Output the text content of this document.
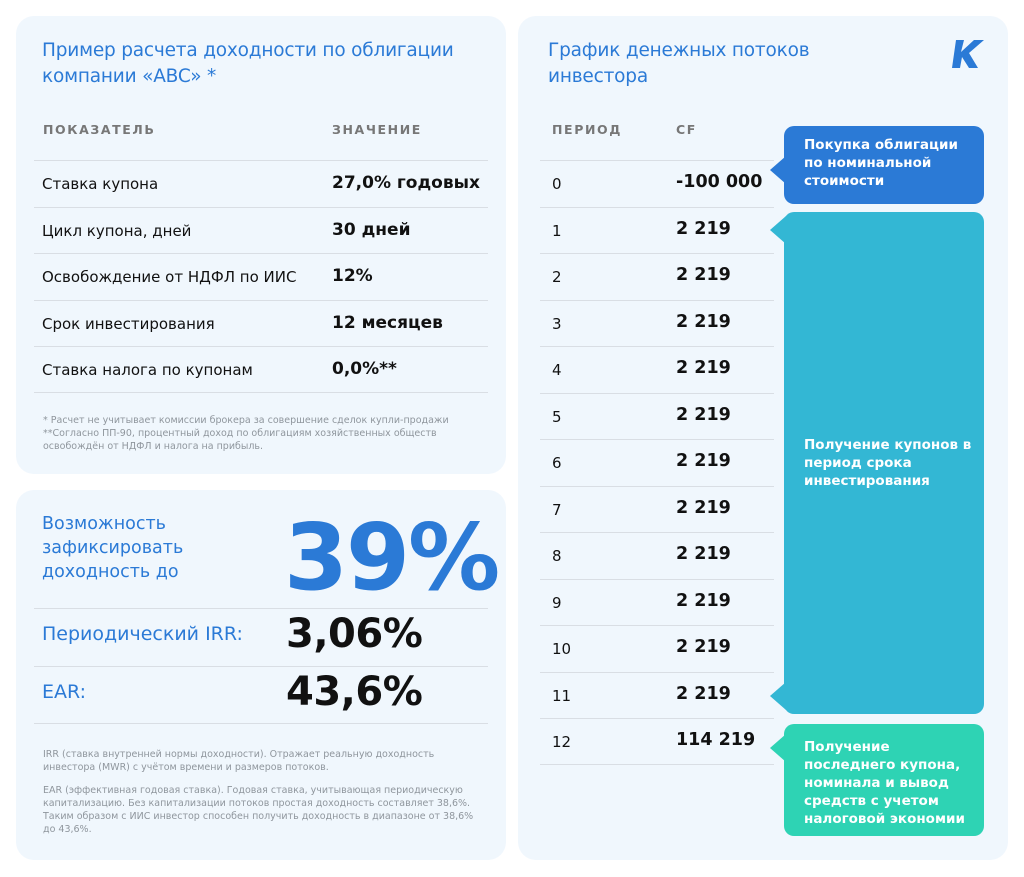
Пример расчета доходности по облигации компании «ABC» *
ПОКАЗАТЕЛЬ	ЗНАЧЕНИЕ
Ставка купона	27,0% годовых
Цикл купона, дней	30 дней
Освобождение от НДФЛ по ИИС 12%
Срок инвестирования	12 месяцев
Ставка налога по купонам	0,0%**
* Расчет не учитывает комиссии брокера за совершение сделок купли-продажи
**Согласно ПП-90, процентный доход по облигациям хозяйственных обществ освобождён от НДФЛ и налога на прибыль.
Возможность зафиксировать доходность до	39%
Периодический IRR: 3,06%
EAR:	43,6%
IRR (ставка внутренней нормы доходности). Отражает реальную доходность инвестора (MWR) с учётом времени и размеров потоков.
EAR (эффективная годовая ставка). Годовая ставка, учитывающая периодическую капитализацию. Без капитализации потоков простая доходность составляет 38,6%. Таким образом с ИИС инвестор способен получить доходность в диапазоне от 38,6% до 43,6%.
График денежных потоков инвестора
ПЕРИОД	CF
0	-100 000
1	2 219
2	2 219
3	2 219
4	2 219
5	2 219
6	2 219
7	2 219
8	2 219
9	2 219
10	2 219
11	2 219
12	114 219
Покупка облигации по номинальной стоимости
Получение купонов в период срока инвестирования
Получение последнего купона, номинала и вывод средств с учетом налоговой экономии
